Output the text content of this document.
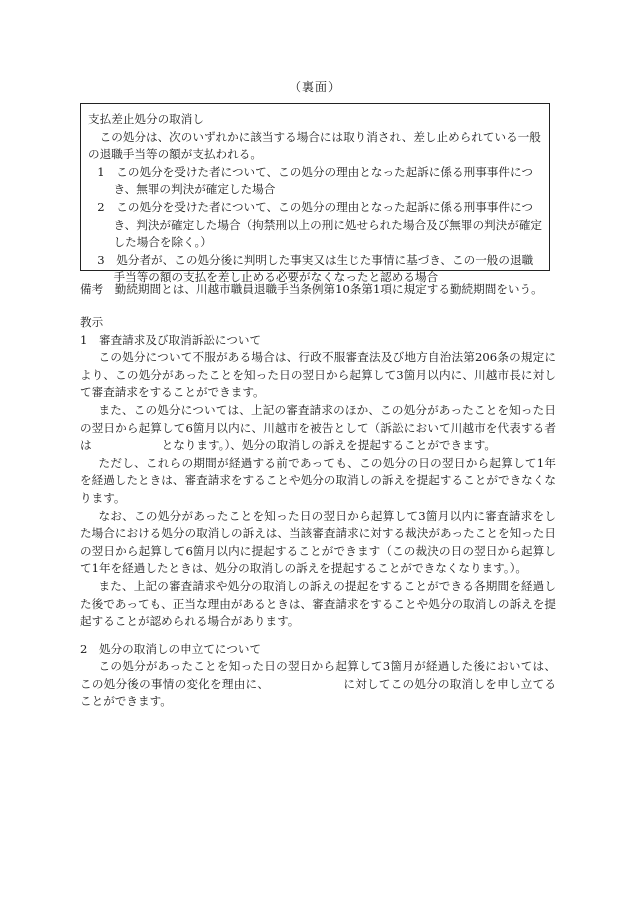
（裏面）

支払差止処分の取消し

この処分は、次のいずれかに該当する場合には取り消され、差し止められている一般の退職手当等の額が支払われる。

1　この処分を受けた者について、この処分の理由となった起訴に係る刑事事件につき、無罪の判決が確定した場合

2　この処分を受けた者について、この処分の理由となった起訴に係る刑事事件につき、判決が確定した場合（拘禁刑以上の刑に処せられた場合及び無罪の判決が確定した場合を除く。）

3　処分者が、この処分後に判明した事実又は生じた事情に基づき、この一般の退職手当等の額の支払を差し止める必要がなくなったと認める場合

備考　勤続期間とは、川越市職員退職手当条例第10条第1項に規定する勤続期間をいう。

教示

1　審査請求及び取消訴訟について

この処分について不服がある場合は、行政不服審査法及び地方自治法第206条の規定により、この処分があったことを知った日の翌日から起算して3箇月以内に、川越市長に対して審査請求をすることができます。

また、この処分については、上記の審査請求のほか、この処分があったことを知った日の翌日から起算して6箇月以内に、川越市を被告として（訴訟において川越市を代表する者は	となります。）、処分の取消しの訴えを提起することができます。

ただし、これらの期間が経過する前であっても、この処分の日の翌日から起算して1年を経過したときは、審査請求をすることや処分の取消しの訴えを提起することができなくなります。

なお、この処分があったことを知った日の翌日から起算して3箇月以内に審査請求をした場合における処分の取消しの訴えは、当該審査請求に対する裁決があったことを知った日の翌日から起算して6箇月以内に提起することができます（この裁決の日の翌日から起算して1年を経過したときは、処分の取消しの訴えを提起することができなくなります。）。

また、上記の審査請求や処分の取消しの訴えの提起をすることができる各期間を経過した後であっても、正当な理由があるときは、審査請求をすることや処分の取消しの訴えを提起することが認められる場合があります。

2　処分の取消しの申立てについて

この処分があったことを知った日の翌日から起算して3箇月が経過した後においては、この処分後の事情の変化を理由に、	に対してこの処分の取消しを申し立てることができます。
